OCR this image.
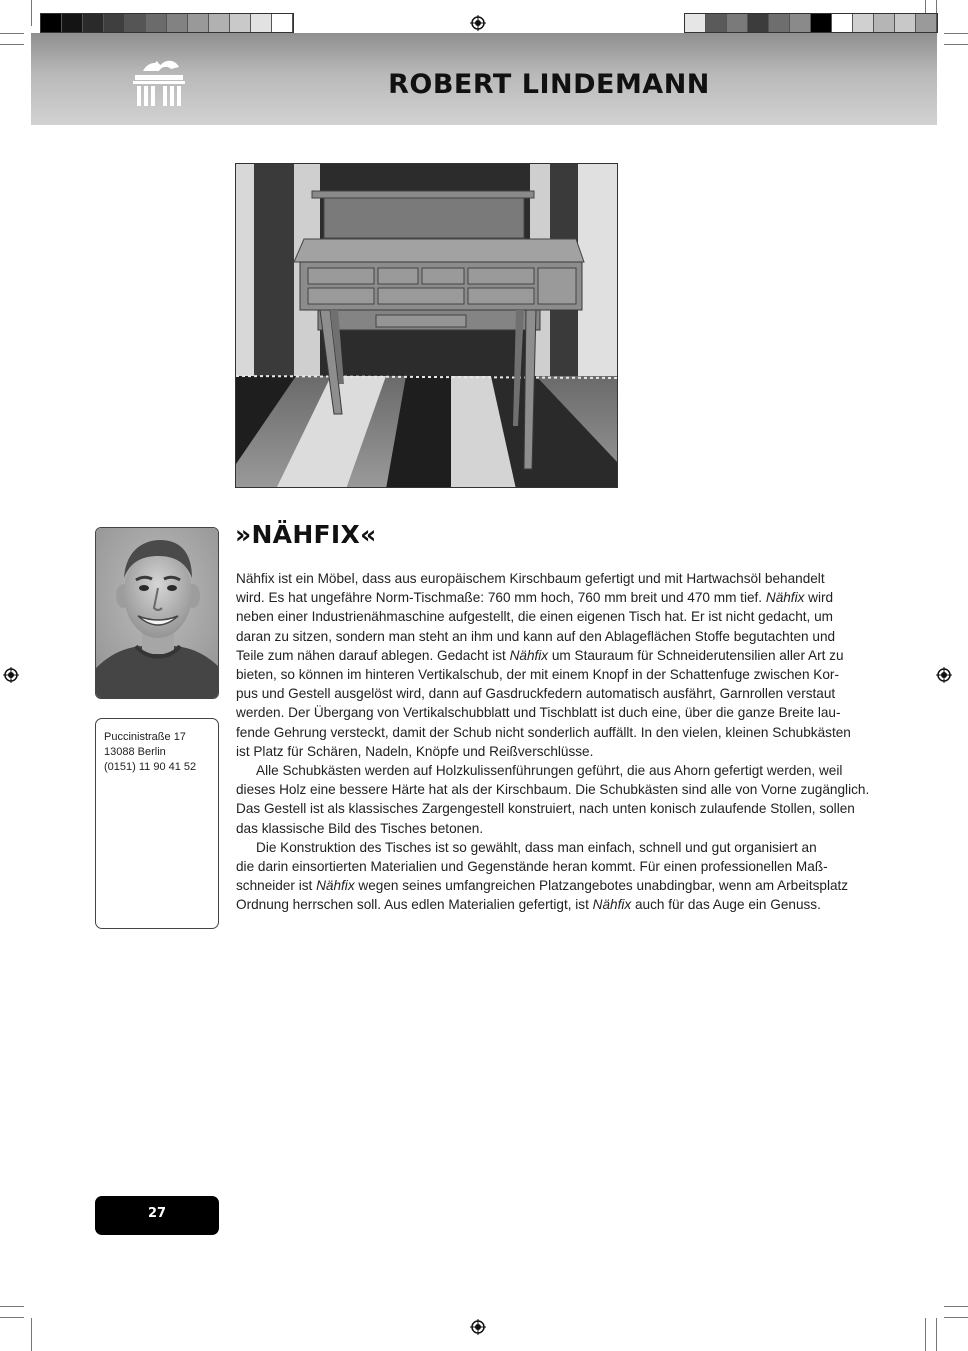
ROBERT LINDEMANN
Puccinistraße 17
13088 Berlin
(0151) 11 90 41 52
»NÄHFIX«
Nähfix ist ein Möbel, dass aus europäischem Kirschbaum gefertigt und mit Hartwachsöl behandelt
wird. Es hat ungefähre Norm-Tischmaße: 760 mm hoch, 760 mm breit und 470 mm tief. Nähfix wird
neben einer Industrienähmaschine aufgestellt, die einen eigenen Tisch hat. Er ist nicht gedacht, um
daran zu sitzen, sondern man steht an ihm und kann auf den Ablageflächen Stoffe begutachten und
Teile zum nähen darauf ablegen. Gedacht ist Nähfix um Stauraum für Schneiderutensilien aller Art zu
bieten, so können im hinteren Vertikalschub, der mit einem Knopf in der Schattenfuge zwischen Kor-
pus und Gestell ausgelöst wird, dann auf Gasdruckfedern automatisch ausfährt, Garnrollen verstaut
werden. Der Übergang von Vertikalschubblatt und Tischblatt ist duch eine, über die ganze Breite lau-
fende Gehrung versteckt, damit der Schub nicht sonderlich auffällt. In den vielen, kleinen Schubkästen
ist Platz für Schären, Nadeln, Knöpfe und Reißverschlüsse.
Alle Schubkästen werden auf Holzkulissenführungen geführt, die aus Ahorn gefertigt werden, weil
dieses Holz eine bessere Härte hat als der Kirschbaum. Die Schubkästen sind alle von Vorne zugänglich.
Das Gestell ist als klassisches Zargengestell konstruiert, nach unten konisch zulaufende Stollen, sollen
das klassische Bild des Tisches betonen.
Die Konstruktion des Tisches ist so gewählt, dass man einfach, schnell und gut organisiert an
die darin einsortierten Materialien und Gegenstände heran kommt. Für einen professionellen Maß-
schneider ist Nähfix wegen seines umfangreichen Platzangebotes unabdingbar, wenn am Arbeitsplatz
Ordnung herrschen soll. Aus edlen Materialien gefertigt, ist Nähfix auch für das Auge ein Genuss.
27
